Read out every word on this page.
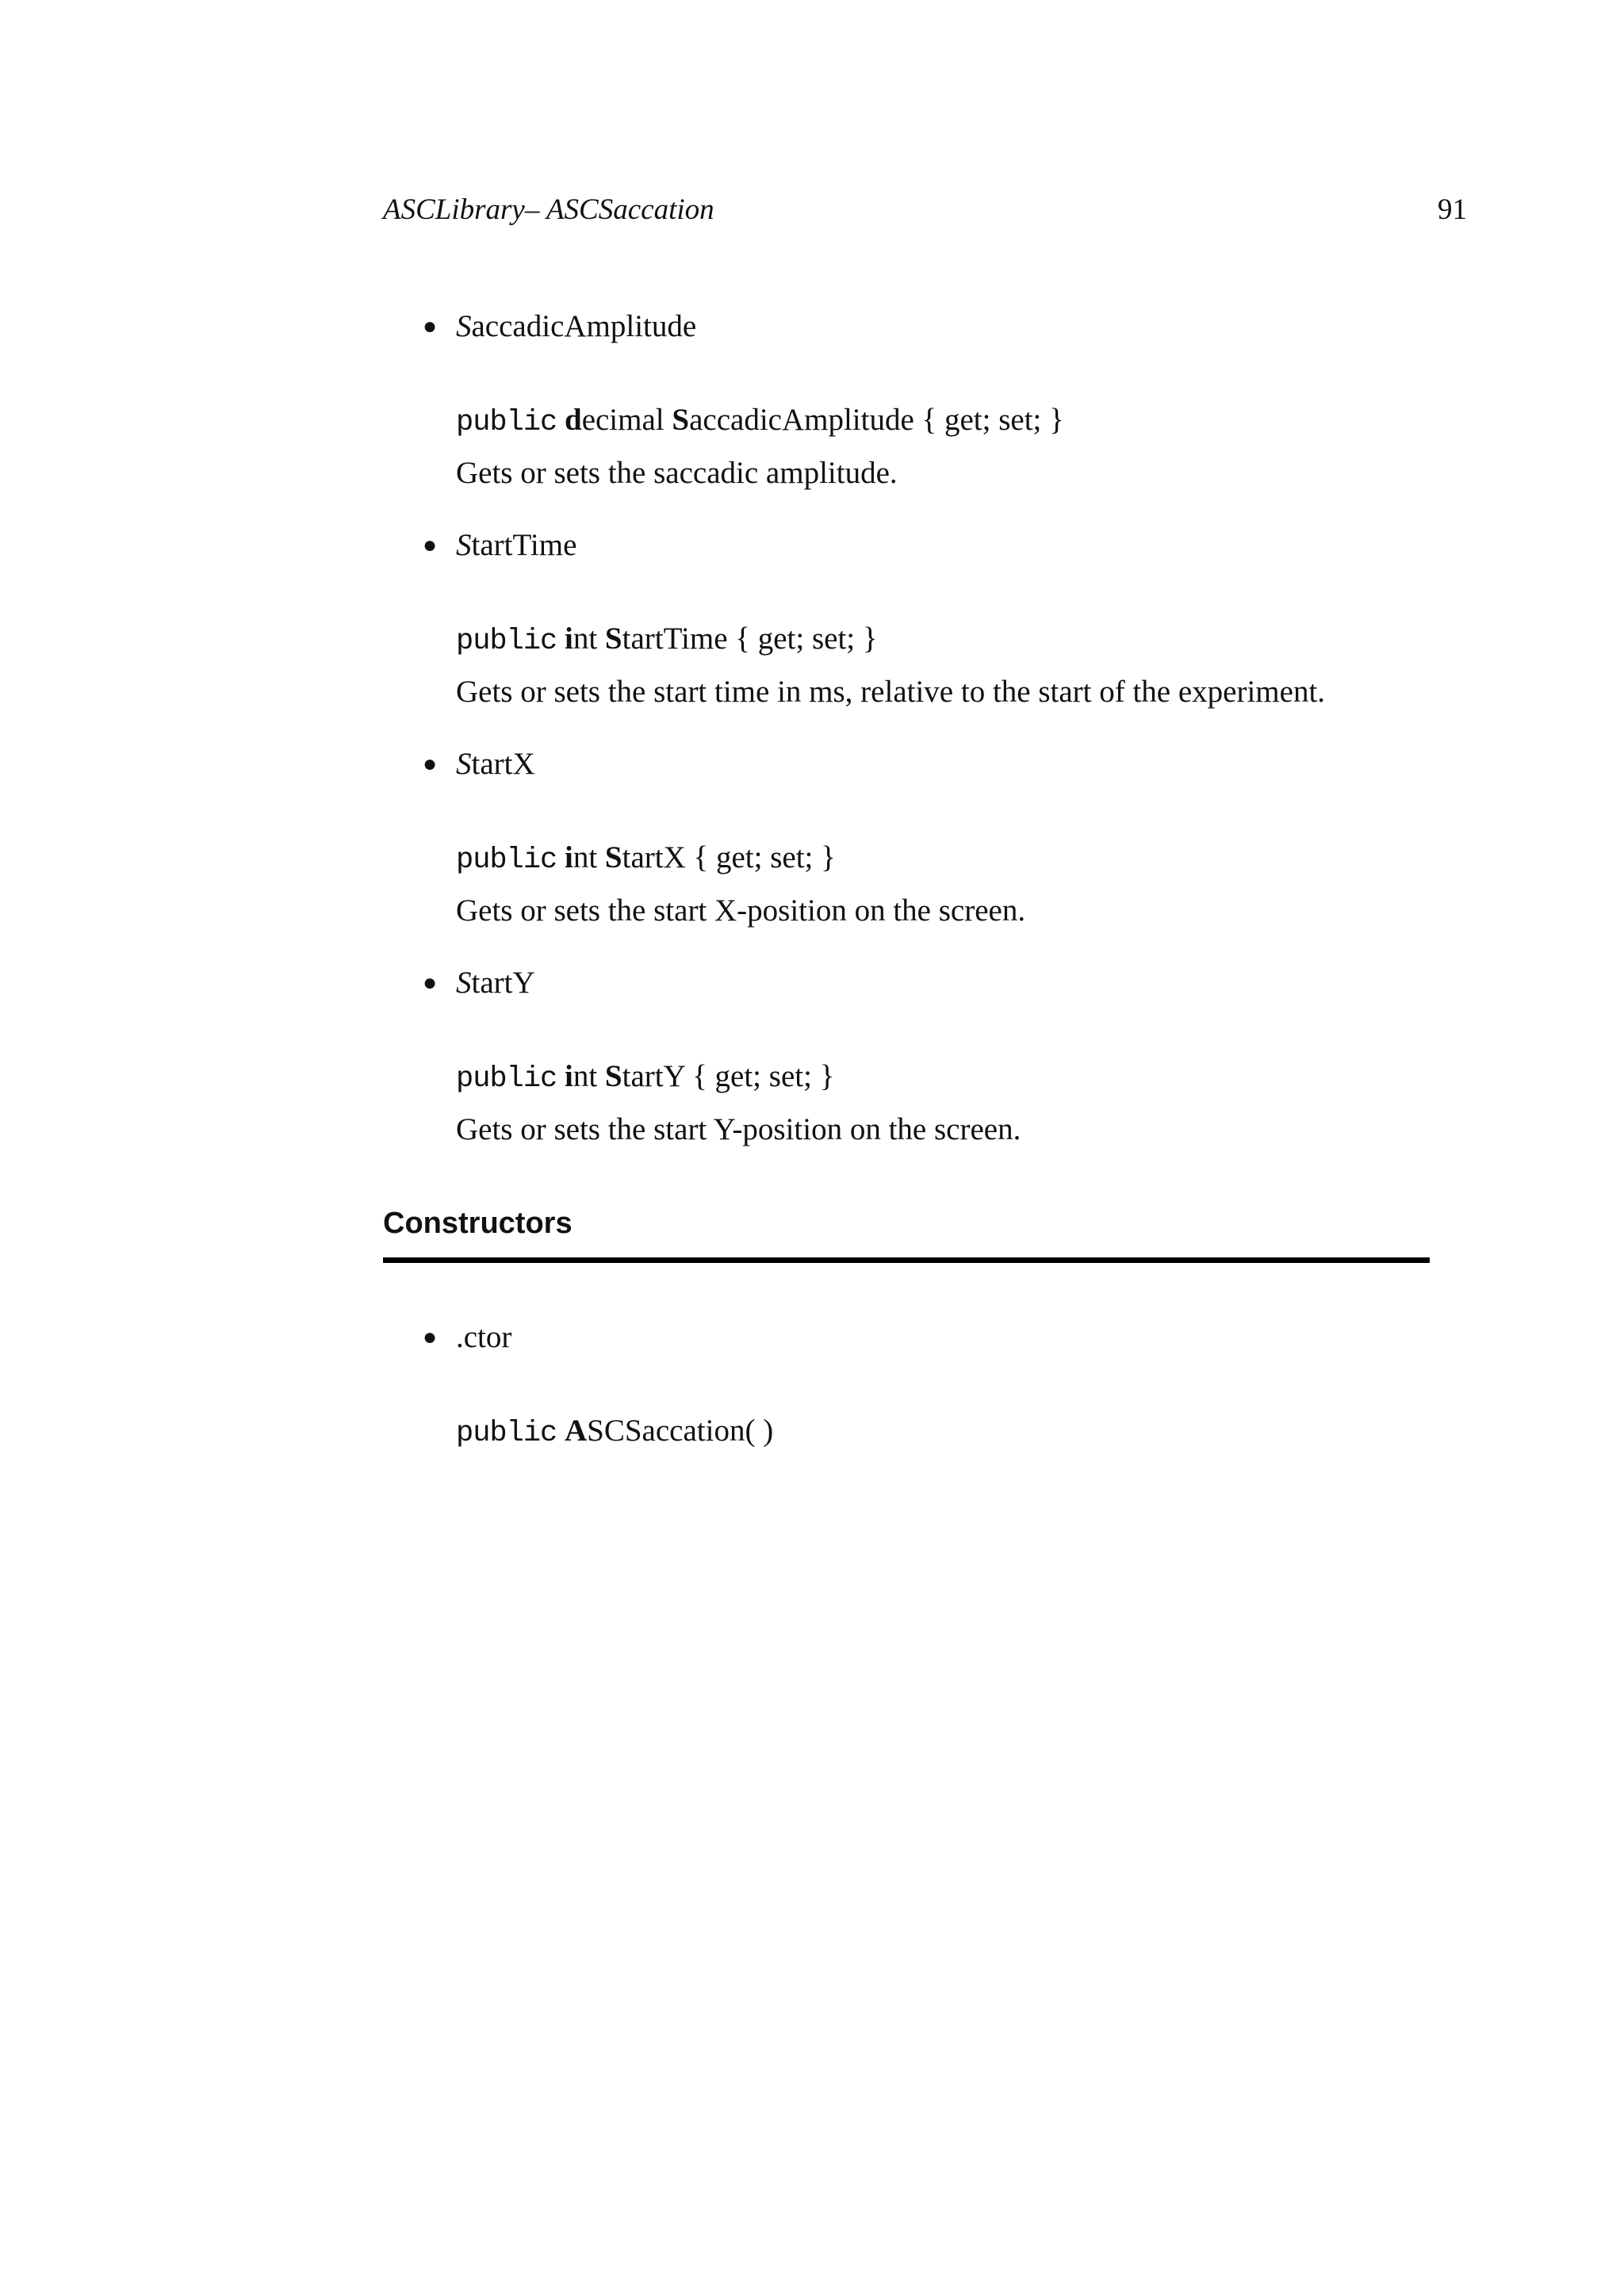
ASCLibrary– ASCSaccation	91
● SaccadicAmplitude
public decimal SaccadicAmplitude { get; set; }
Gets or sets the saccadic amplitude.
● StartTime
public int StartTime { get; set; }
Gets or sets the start time in ms, relative to the start of the experiment.
● StartX
public int StartX { get; set; }
Gets or sets the start X-position on the screen.
● StartY
public int StartY { get; set; }
Gets or sets the start Y-position on the screen.
Constructors
● .ctor
public ASCSaccation( )
